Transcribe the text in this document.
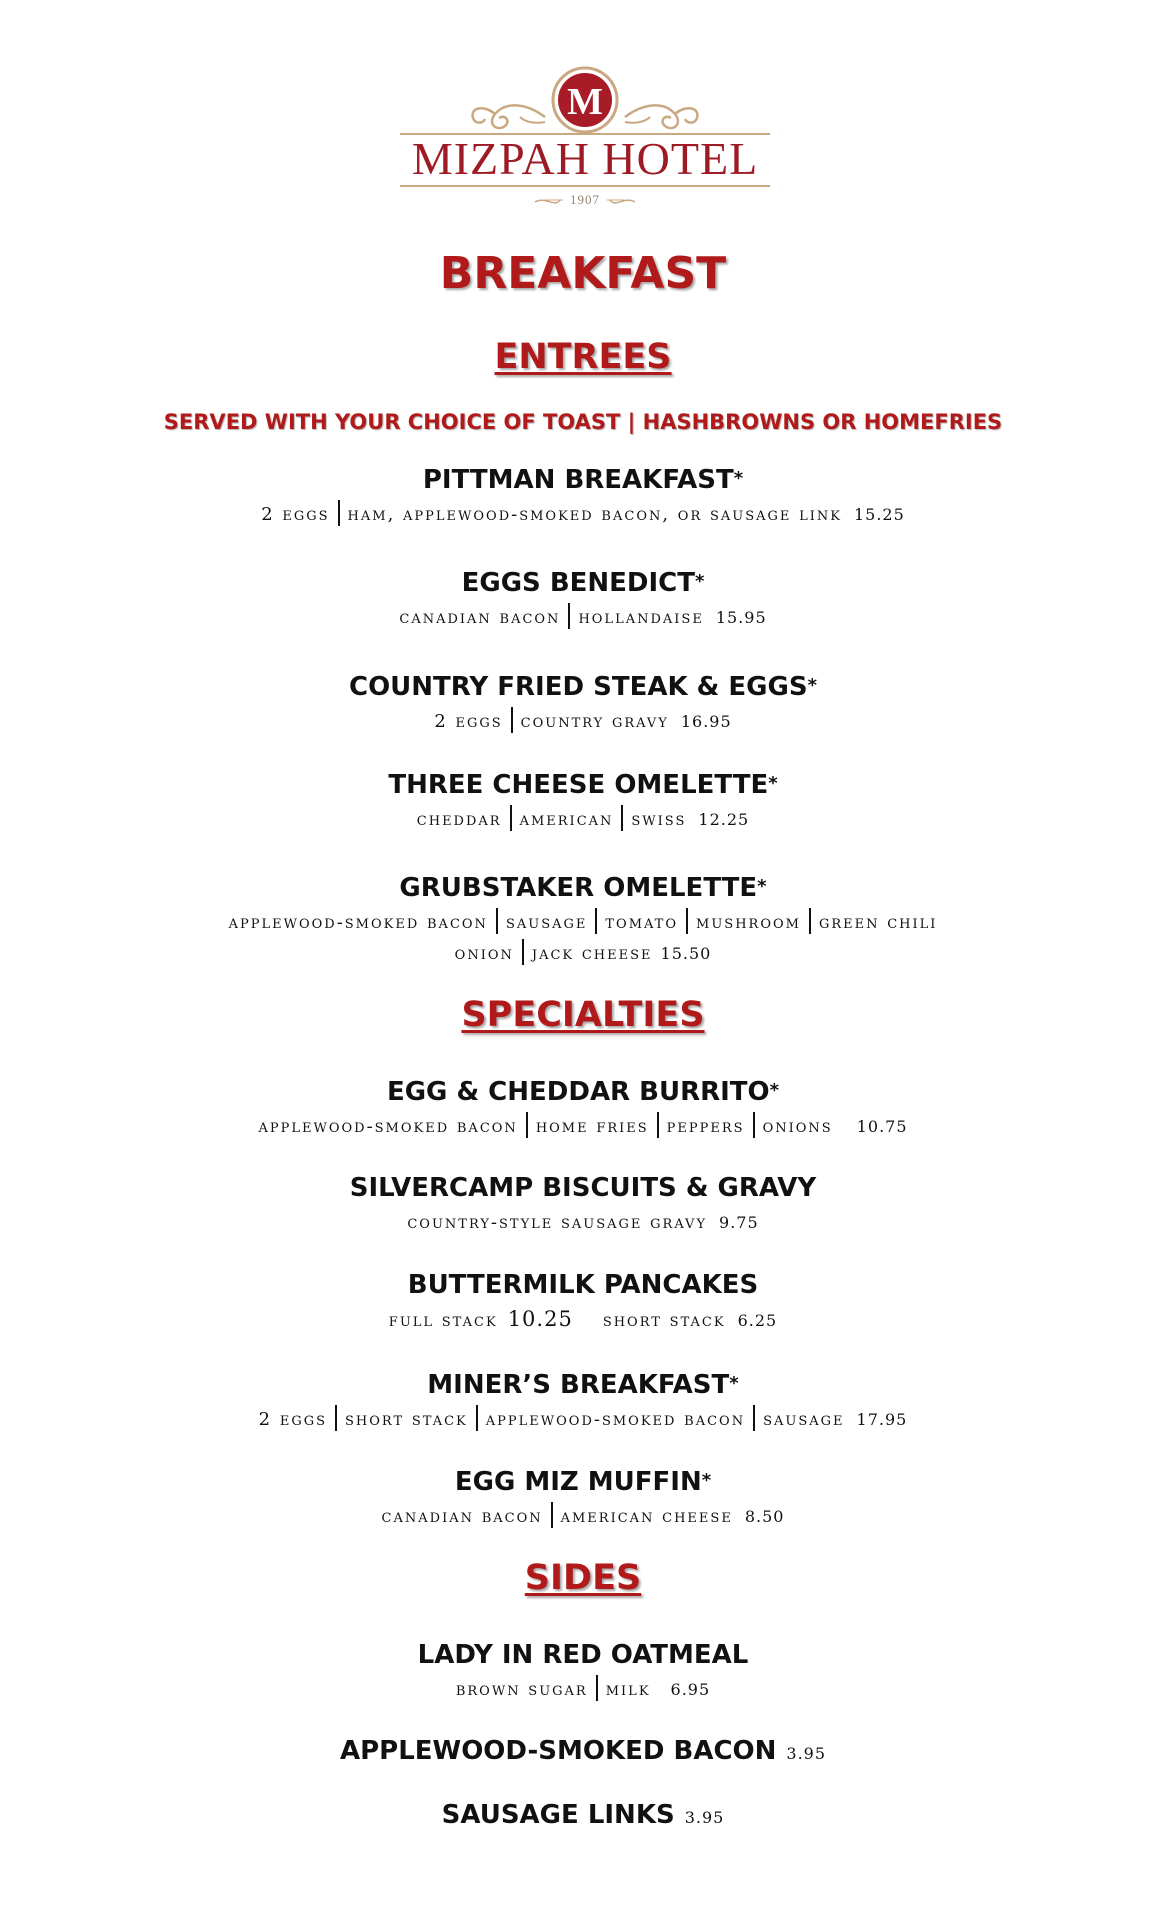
M
MIZPAH HOTEL
1907
BREAKFAST
ENTREES
SERVED WITH YOUR CHOICE OF TOAST | HASHBROWNS OR HOMEFRIES
PITTMAN BREAKFAST*
2 eggs ham, applewood-smoked bacon, or sausage link 15.25
EGGS BENEDICT*
canadian bacon hollandaise 15.95
COUNTRY FRIED STEAK & EGGS*
2 eggs country gravy 16.95
THREE CHEESE OMELETTE*
cheddar american swiss 12.25
GRUBSTAKER OMELETTE*
applewood-smoked bacon sausage tomato mushroom green chili
onion jack cheese 15.50
SPECIALTIES
EGG & CHEDDAR BURRITO*
applewood-smoked bacon home fries peppers onions 10.75
SILVERCAMP BISCUITS & GRAVY
country-style sausage gravy 9.75
BUTTERMILK PANCAKES
full stack 10.25 short stack 6.25
MINER’S BREAKFAST*
2 eggs short stack applewood-smoked bacon sausage 17.95
EGG MIZ MUFFIN*
canadian bacon american cheese 8.50
SIDES
LADY IN RED OATMEAL
brown sugar milk 6.95
APPLEWOOD-SMOKED BACON 3.95
SAUSAGE LINKS 3.95
